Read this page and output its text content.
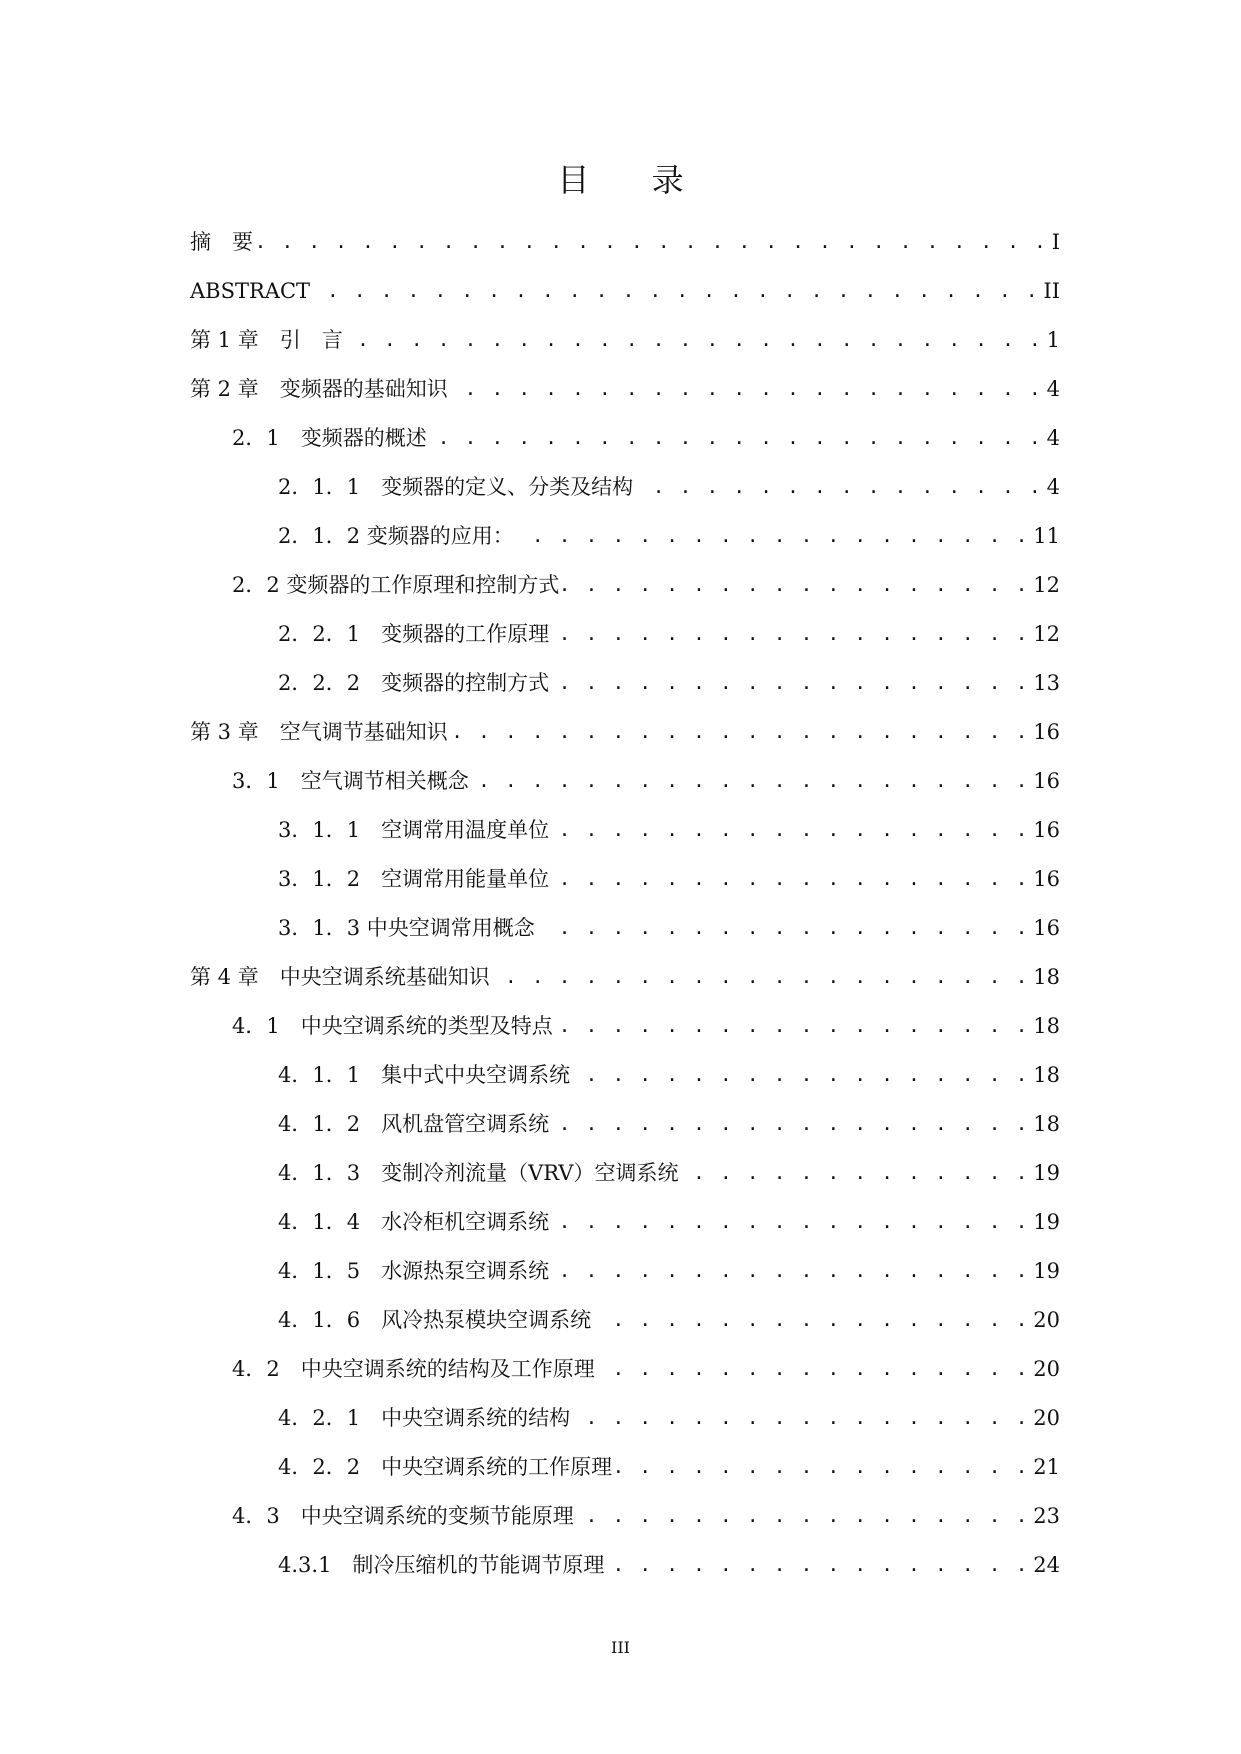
目 录
摘　要 . . .	I
ABSTRACT . . .	II
第 1 章　引　言 . . .	1
第 2 章　变频器的基础知识 . . .	4
2．1　变频器的概述 . . .	4
2．1．1　变频器的定义、分类及结构 . . .	4
2．1．2 变频器的应用： . . .	11
2．2 变频器的工作原理和控制方式 . . .	12
2．2．1　变频器的工作原理 . . .	12
2．2．2　变频器的控制方式 . . .	13
第 3 章　空气调节基础知识 . . .	16
3．1　空气调节相关概念 . . .	16
3．1．1　空调常用温度单位 . . .	16
3．1．2　空调常用能量单位 . . .	16
3．1．3 中央空调常用概念 . . .	16
第 4 章　中央空调系统基础知识 . . .	18
4．1　中央空调系统的类型及特点 . . .	18
4．1．1　集中式中央空调系统 . . .	18
4．1．2　风机盘管空调系统 . . .	18
4．1．3　变制冷剂流量（VRV）空调系统 . . .	19
4．1．4　水冷柜机空调系统 . . .	19
4．1．5　水源热泵空调系统 . . .	19
4．1．6　风冷热泵模块空调系统 . . .	20
4．2　中央空调系统的结构及工作原理 . . .	20
4．2．1　中央空调系统的结构 . . .	20
4．2．2　中央空调系统的工作原理 . . .	21
4．3　中央空调系统的变频节能原理 . . .	23
4.3.1　制冷压缩机的节能调节原理 . . .	24
III
